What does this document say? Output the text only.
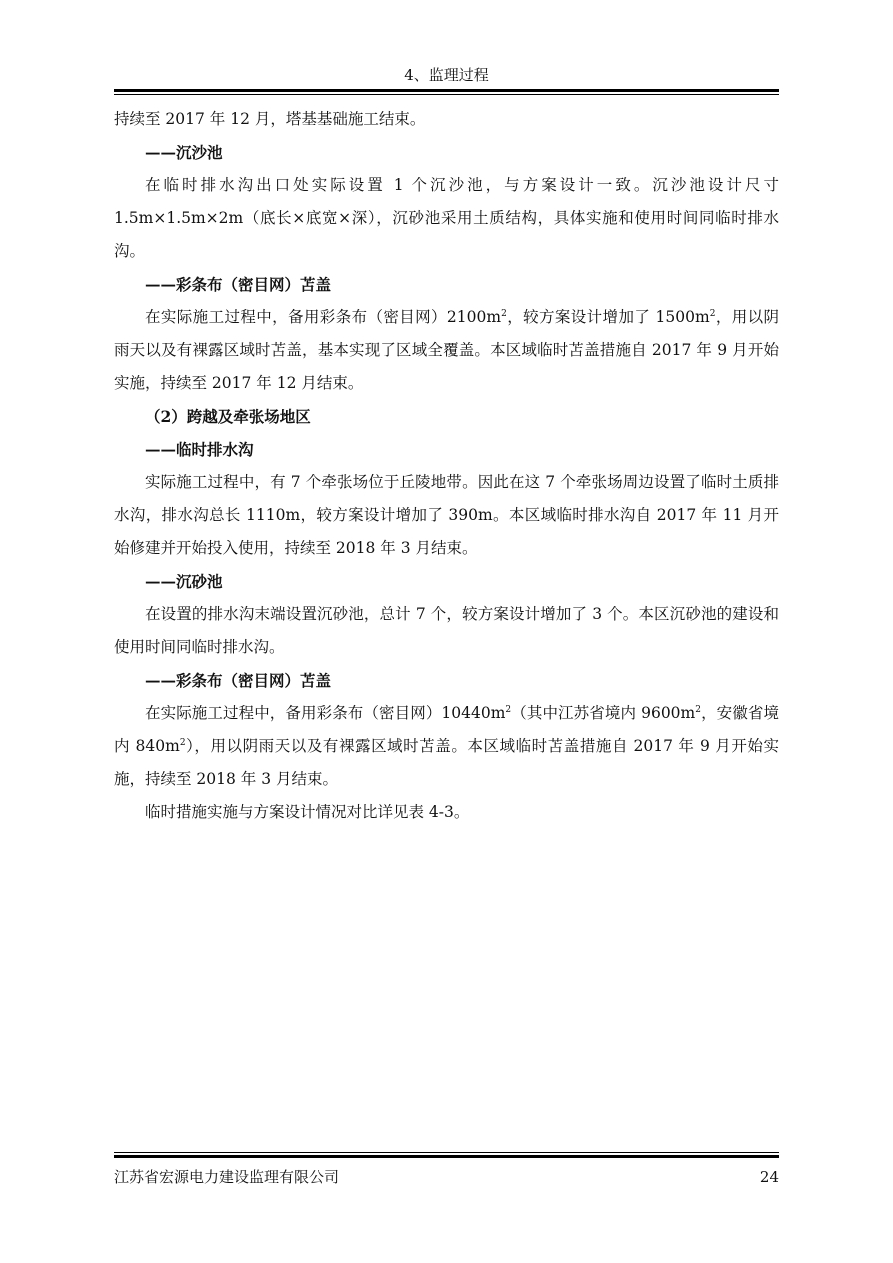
4、监理过程

持续至 2017 年 12 月，塔基基础施工结束。

——沉沙池

在临时排水沟出口处实际设置 1 个沉沙池，与方案设计一致。沉沙池设计尺寸 1.5m×1.5m×2m（底长×底宽×深），沉砂池采用土质结构，具体实施和使用时间同临时排水沟。

——彩条布（密目网）苫盖

在实际施工过程中，备用彩条布（密目网）$2100m^2$，较方案设计增加了 $1500m^2$，用以阴雨天以及有裸露区域时苫盖，基本实现了区域全覆盖。本区域临时苫盖措施自 2017 年 9 月开始实施，持续至 2017 年 12 月结束。

（2）跨越及牵张场地区

——临时排水沟

实际施工过程中，有 7 个牵张场位于丘陵地带。因此在这 7 个牵张场周边设置了临时土质排水沟，排水沟总长 1110m，较方案设计增加了 390m。本区域临时排水沟自 2017 年 11 月开始修建并开始投入使用，持续至 2018 年 3 月结束。

——沉砂池

在设置的排水沟末端设置沉砂池，总计 7 个，较方案设计增加了 3 个。本区沉砂池的建设和使用时间同临时排水沟。

——彩条布（密目网）苫盖

在实际施工过程中，备用彩条布（密目网）$10440m^2$（其中江苏省境内 $9600m^2$，安徽省境内 $840m^2$），用以阴雨天以及有裸露区域时苫盖。本区域临时苫盖措施自 2017 年 9 月开始实施，持续至 2018 年 3 月结束。

临时措施实施与方案设计情况对比详见表 4-3。

江苏省宏源电力建设监理有限公司	24
